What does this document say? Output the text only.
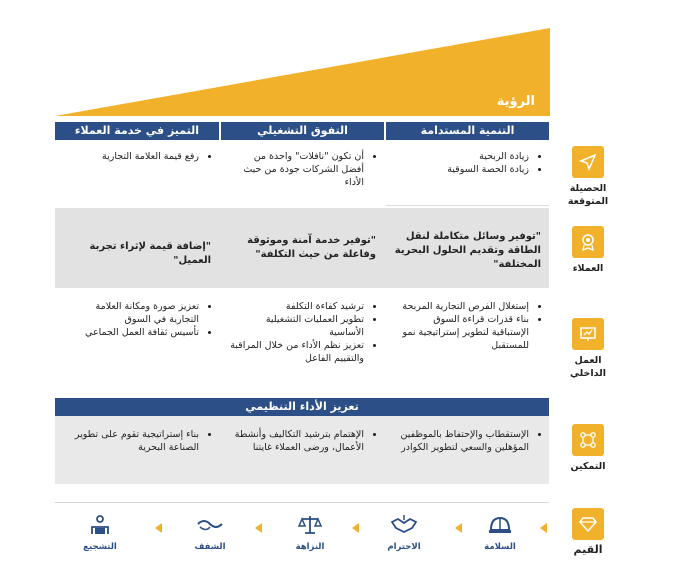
الرؤية
التنمية المستدامة
التفوق التشغيلي
التميز في خدمة العملاء
• زيادة الربحية
• زيادة الحصة السوقية
• أن تكون "نافلات" واحدة من أفضل الشركات جودة من حيث الأداء
• رفع قيمة العلامة التجارية
"توفير وسائل متكاملة لنقل الطاقة وتقديم الحلول البحرية المختلفة"
"توفير خدمة آمنة وموثوقة وفاعلة من حيث التكلفة"
"إضافة قيمة لإثراء تجربة العميل"
• إستغلال الفرص التجارية المربحة
• بناء قدرات قراءة السوق الإستباقية لتطوير إستراتيجية نمو للمستقبل
• ترشيد كفاءة التكلفة
• تطوير العمليات التشغيلية الأساسية
• تعزيز نظم الأداء من خلال المراقبة والتقييم الفاعل
• تعزيز صورة ومكانة العلامة التجارية في السوق
• تأسيس ثقافة العمل الجماعي
تعزيز الأداء التنظيمي
• الإستقطاب والإحتفاظ بالموظفين المؤهلين والسعي لتطوير الكوادر
• الإهتمام بترشيد التكاليف وأنشطة الأعمال، ورضى العملاء غايتنا
• بناء إستراتيجية تقوم على تطوير الصناعة البحرية
الحصيلة المتوقعة
العملاء
العمل الداخلي
التمكين
القيم
السلامة
الاحترام
النزاهة
الشفف
التشجيع
